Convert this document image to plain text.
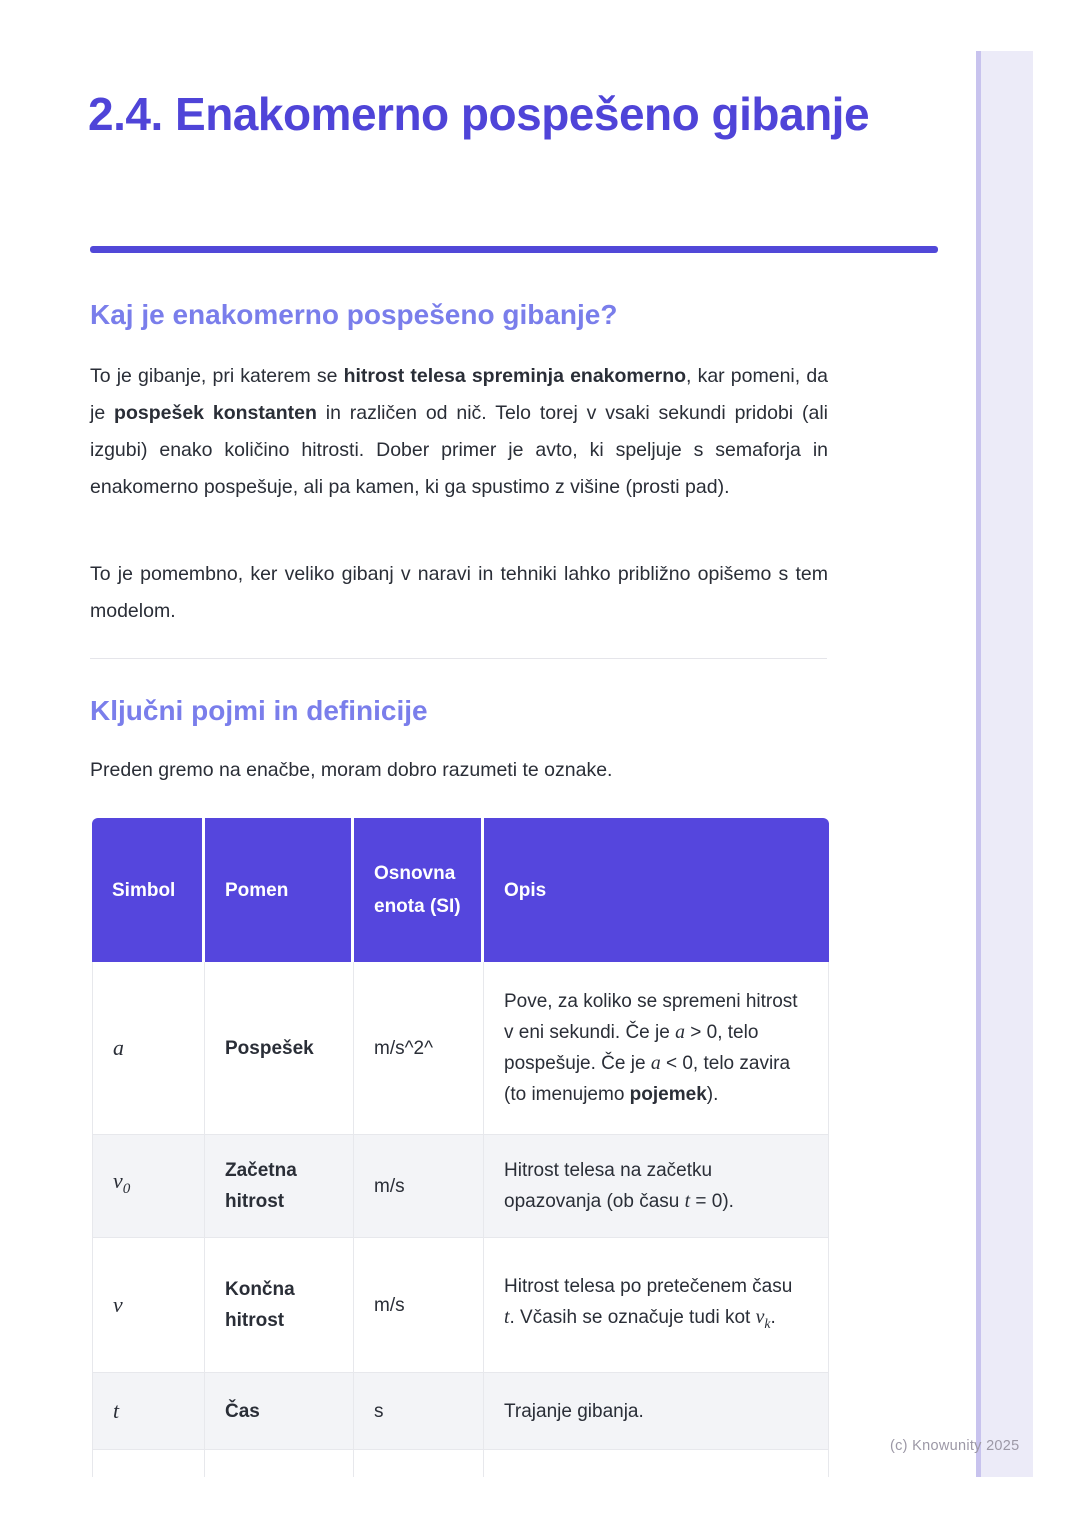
2.4. Enakomerno pospešeno gibanje
Kaj je enakomerno pospešeno gibanje?

To je gibanje, pri katerem se hitrost telesa spreminja enakomerno, kar pomeni, da je pospešek konstanten in različen od nič. Telo torej v vsaki sekundi pridobi (ali izgubi) enako količino hitrosti. Dober primer je avto, ki speljuje s semaforja in enakomerno pospešuje, ali pa kamen, ki ga spustimo z višine (prosti pad).

To je pomembno, ker veliko gibanj v naravi in tehniki lahko približno opišemo s tem modelom.

Ključni pojmi in definicije

Preden gremo na enačbe, moram dobro razumeti te oznake.

Simbol	Pomen	Osnovna enota (SI)	Opis
a	Pospešek	m/s^2^	Pove, za koliko se spremeni hitrost v eni sekundi. Če je a > 0, telo pospešuje. Če je a < 0, telo zavira (to imenujemo pojemek).
$v_0$	Začetna hitrost	m/s	Hitrost telesa na začetku opazovanja (ob času t = 0).
v	Končna hitrost	m/s	Hitrost telesa po pretečenem času t. Včasih se označuje tudi kot $v_k$.
t	Čas	s	Trajanje gibanja.

(c) Knowunity 2025
